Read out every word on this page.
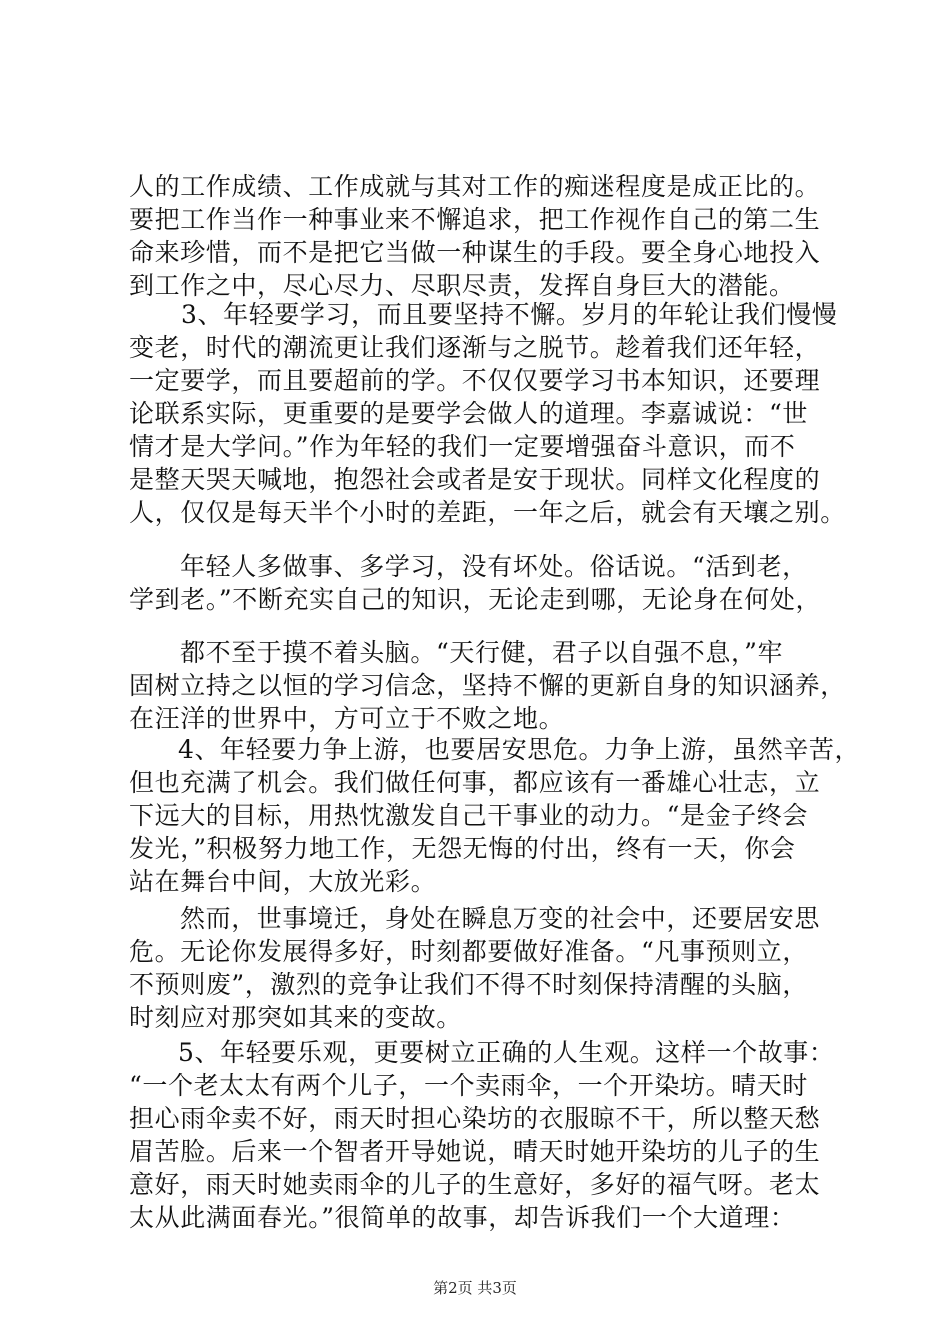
人的工作成绩、工作成就与其对工作的痴迷程度是成正比的。
要把工作当作一种事业来不懈追求，把工作视作自己的第二生
命来珍惜，而不是把它当做一种谋生的手段。要全身心地投入
到工作之中，尽心尽力、尽职尽责，发挥自身巨大的潜能。
3、年轻要学习，而且要坚持不懈。岁月的年轮让我们慢慢
变老，时代的潮流更让我们逐渐与之脱节。趁着我们还年轻，
一定要学，而且要超前的学。不仅仅要学习书本知识，还要理
论联系实际，更重要的是要学会做人的道理。李嘉诚说：“世
情才是大学问。”作为年轻的我们一定要增强奋斗意识，而不
是整天哭天喊地，抱怨社会或者是安于现状。同样文化程度的
人，仅仅是每天半个小时的差距，一年之后，就会有天壤之别。
年轻人多做事、多学习，没有坏处。俗话说。“活到老，
学到老。”不断充实自己的知识，无论走到哪，无论身在何处，
都不至于摸不着头脑。“天行健，君子以自强不息，”牢
固树立持之以恒的学习信念，坚持不懈的更新自身的知识涵养，
在汪洋的世界中，方可立于不败之地。
4、年轻要力争上游，也要居安思危。力争上游，虽然辛苦，
但也充满了机会。我们做任何事，都应该有一番雄心壮志，立
下远大的目标，用热忱激发自己干事业的动力。“是金子终会
发光，”积极努力地工作，无怨无悔的付出，终有一天，你会
站在舞台中间，大放光彩。
然而，世事境迁，身处在瞬息万变的社会中，还要居安思
危。无论你发展得多好，时刻都要做好准备。“凡事预则立，
不预则废”，激烈的竞争让我们不得不时刻保持清醒的头脑，
时刻应对那突如其来的变故。
5、年轻要乐观，更要树立正确的人生观。这样一个故事：
“一个老太太有两个儿子，一个卖雨伞，一个开染坊。晴天时
担心雨伞卖不好，雨天时担心染坊的衣服晾不干，所以整天愁
眉苦脸。后来一个智者开导她说，晴天时她开染坊的儿子的生
意好，雨天时她卖雨伞的儿子的生意好，多好的福气呀。老太
太从此满面春光。”很简单的故事，却告诉我们一个大道理：
第2页 共3页
